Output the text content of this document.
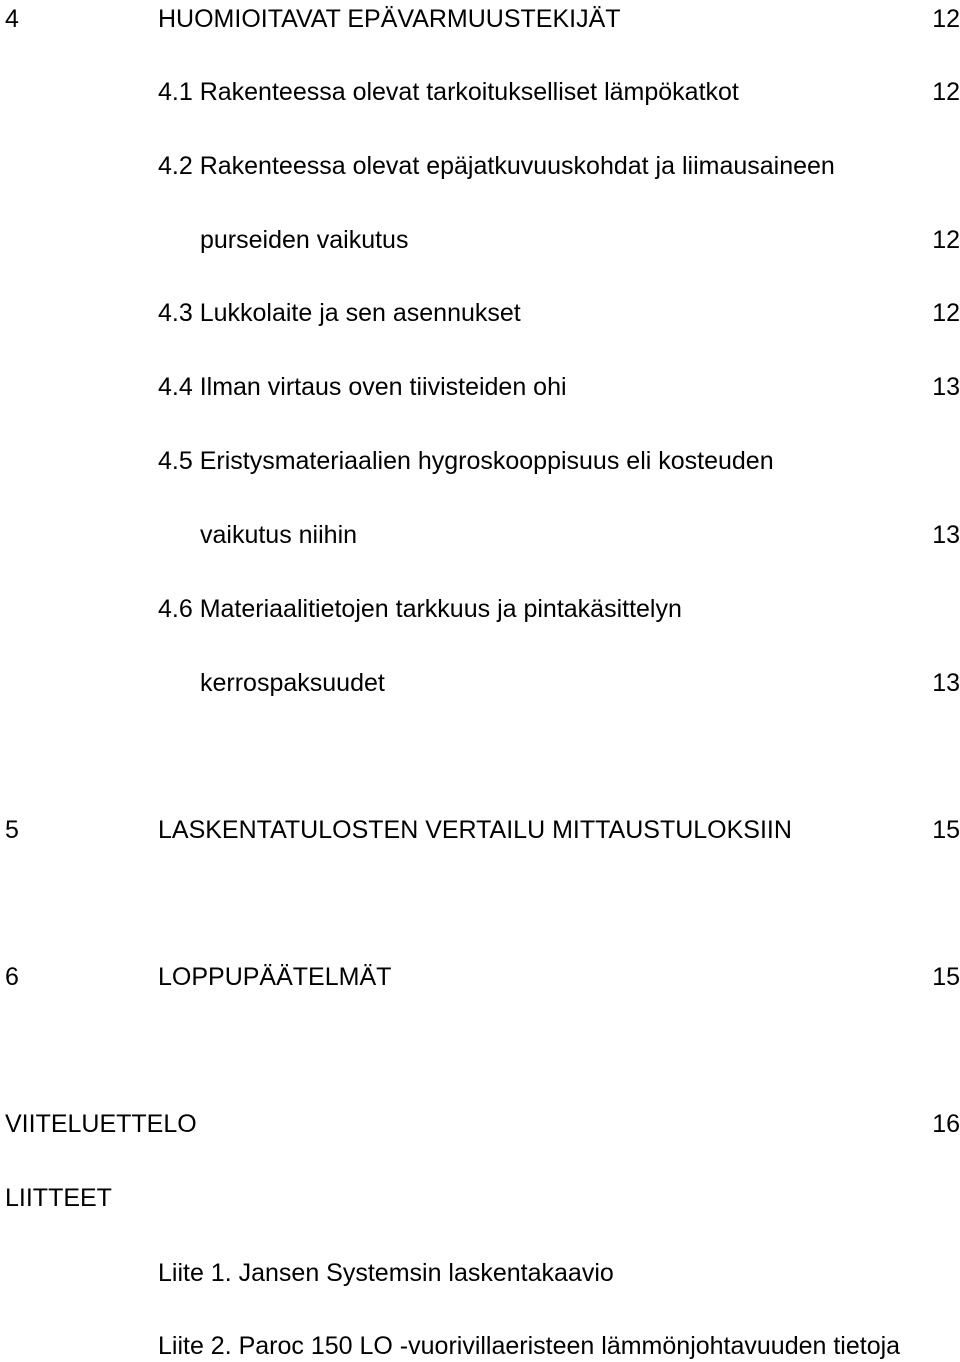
4	HUOMIOITAVAT EPÄVARMUUSTEKIJÄT	12
4.1 Rakenteessa olevat tarkoitukselliset lämpökatkot	12
4.2 Rakenteessa olevat epäjatkuvuuskohdat ja liimausaineen
purseiden vaikutus	12
4.3 Lukkolaite ja sen asennukset	12
4.4 Ilman virtaus oven tiivisteiden ohi	13
4.5 Eristysmateriaalien hygroskooppisuus eli kosteuden
vaikutus niihin	13
4.6 Materiaalitietojen tarkkuus ja pintakäsittelyn
kerrospaksuudet	13
5	LASKENTATULOSTEN VERTAILU MITTAUSTULOKSIIN	15
6	LOPPUPÄÄTELMÄT	15
VIITELUETTELO	16
LIITTEET
Liite 1. Jansen Systemsin laskentakaavio
Liite 2. Paroc 150 LO -vuorivillaeristeen lämmönjohtavuuden tietoja
